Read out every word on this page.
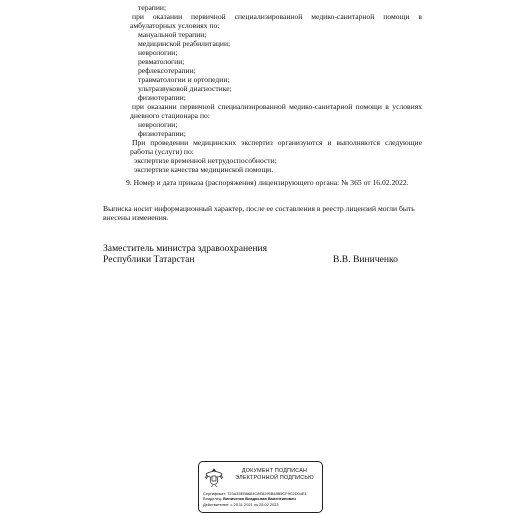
терапии;
при оказании первичной специализированной медико-санитарной помощи в
амбулаторных условиях по:
мануальной терапии;
медицинской реабилитации;
неврологии;
ревматологии;
рефлексотерапии;
травматологии и ортопедии;
ультразвуковой диагностике;
физиотерапии;
при оказании первичной специализированной медико-санитарной помощи в условиях
дневного стационара по:
неврологии;
физиотерапии;
При проведении медицинских экспертиз организуются и выполняются следующие
работы (услуги) по:
экспертизе временной нетрудоспособности;
экспертизе качества медицинской помощи.
9. Номер и дата приказа (распоряжения) лицензирующего органа: № 365 от 16.02.2022.
Выписка носит информационный характер, после ее составления в реестр лицензий могли быть
внесены изменения.
Заместитель министра здравоохранения
Республики Татарстан	В.В. Виниченко
ДОКУМЕНТ ПОДПИСАН
ЭЛЕКТРОННОЙ ПОДПИСЬЮ
Сертификат: 723A35EB6684C8E8295B48B5CF9C2D04E1
Владелец: Виниченко Владислав Валентинович
Действителен: с 25.11.2021 по 25.02.2023
